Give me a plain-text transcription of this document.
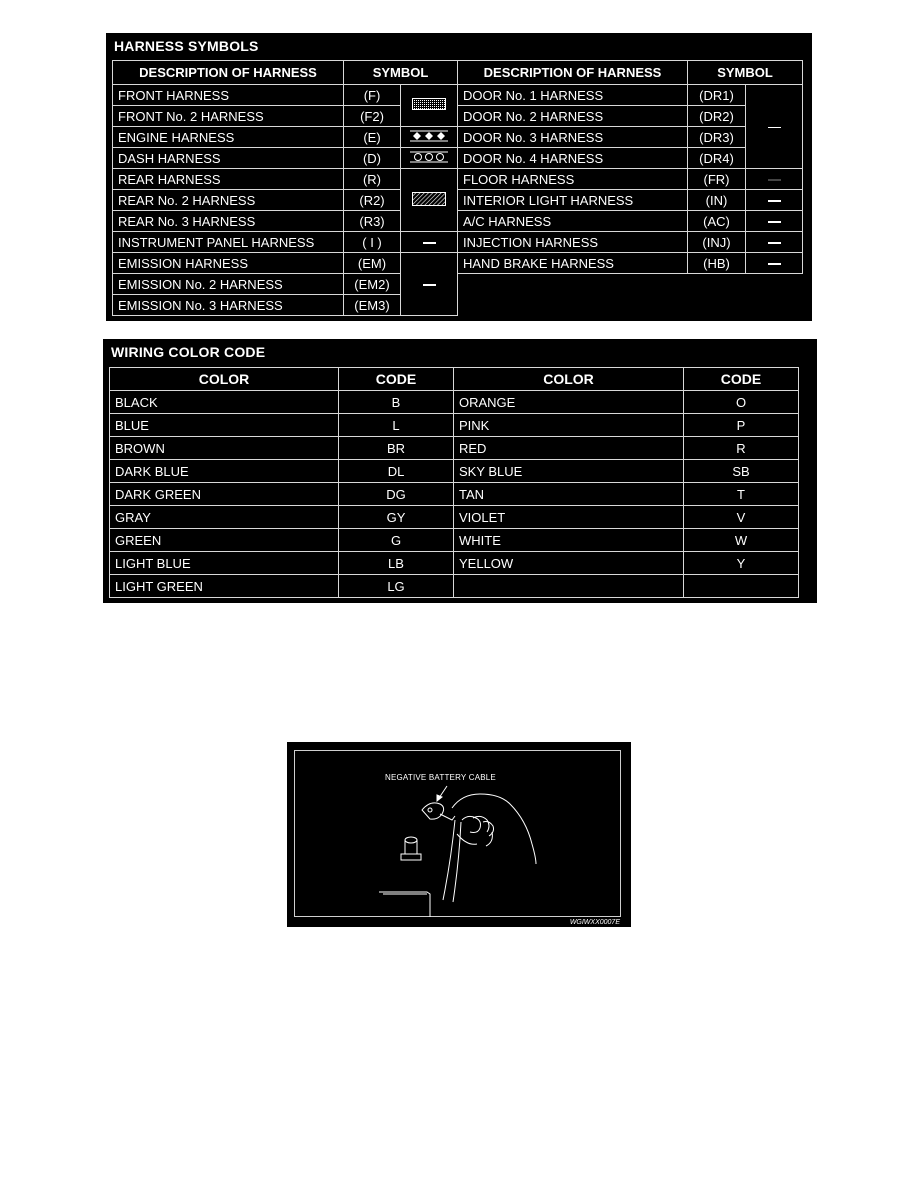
HARNESS SYMBOLS
DESCRIPTION OF HARNESS	SYMBOL		DESCRIPTION OF HARNESS	SYMBOL	
FRONT HARNESS	(F)		DOOR No. 1 HARNESS	(DR1)	
FRONT No. 2 HARNESS	(F2)		DOOR No. 2 HARNESS	(DR2)	
ENGINE HARNESS	(E)		DOOR No. 3 HARNESS	(DR3)	
DASH HARNESS	(D)		DOOR No. 4 HARNESS	(DR4)	
REAR HARNESS	(R)		FLOOR HARNESS	(FR)	
REAR No. 2 HARNESS	(R2)		INTERIOR LIGHT HARNESS	(IN)	
REAR No. 3 HARNESS	(R3)		A/C HARNESS	(AC)	
INSTRUMENT PANEL HARNESS	( I )		INJECTION HARNESS	(INJ)	
EMISSION HARNESS	(EM)		HAND BRAKE HARNESS	(HB)	
EMISSION No. 2 HARNESS	(EM2)				
EMISSION No. 3 HARNESS	(EM3)				
WIRING COLOR CODE
COLOR	CODE	COLOR	CODE
BLACK	B	ORANGE	O
BLUE	L	PINK	P
BROWN	BR	RED	R
DARK BLUE	DL	SKY BLUE	SB
DARK GREEN	DG	TAN	T
GRAY	GY	VIOLET	V
GREEN	G	WHITE	W
LIGHT BLUE	LB	YELLOW	Y
LIGHT GREEN	LG		
NEGATIVE BATTERY CABLE
WGIWXX0007E
